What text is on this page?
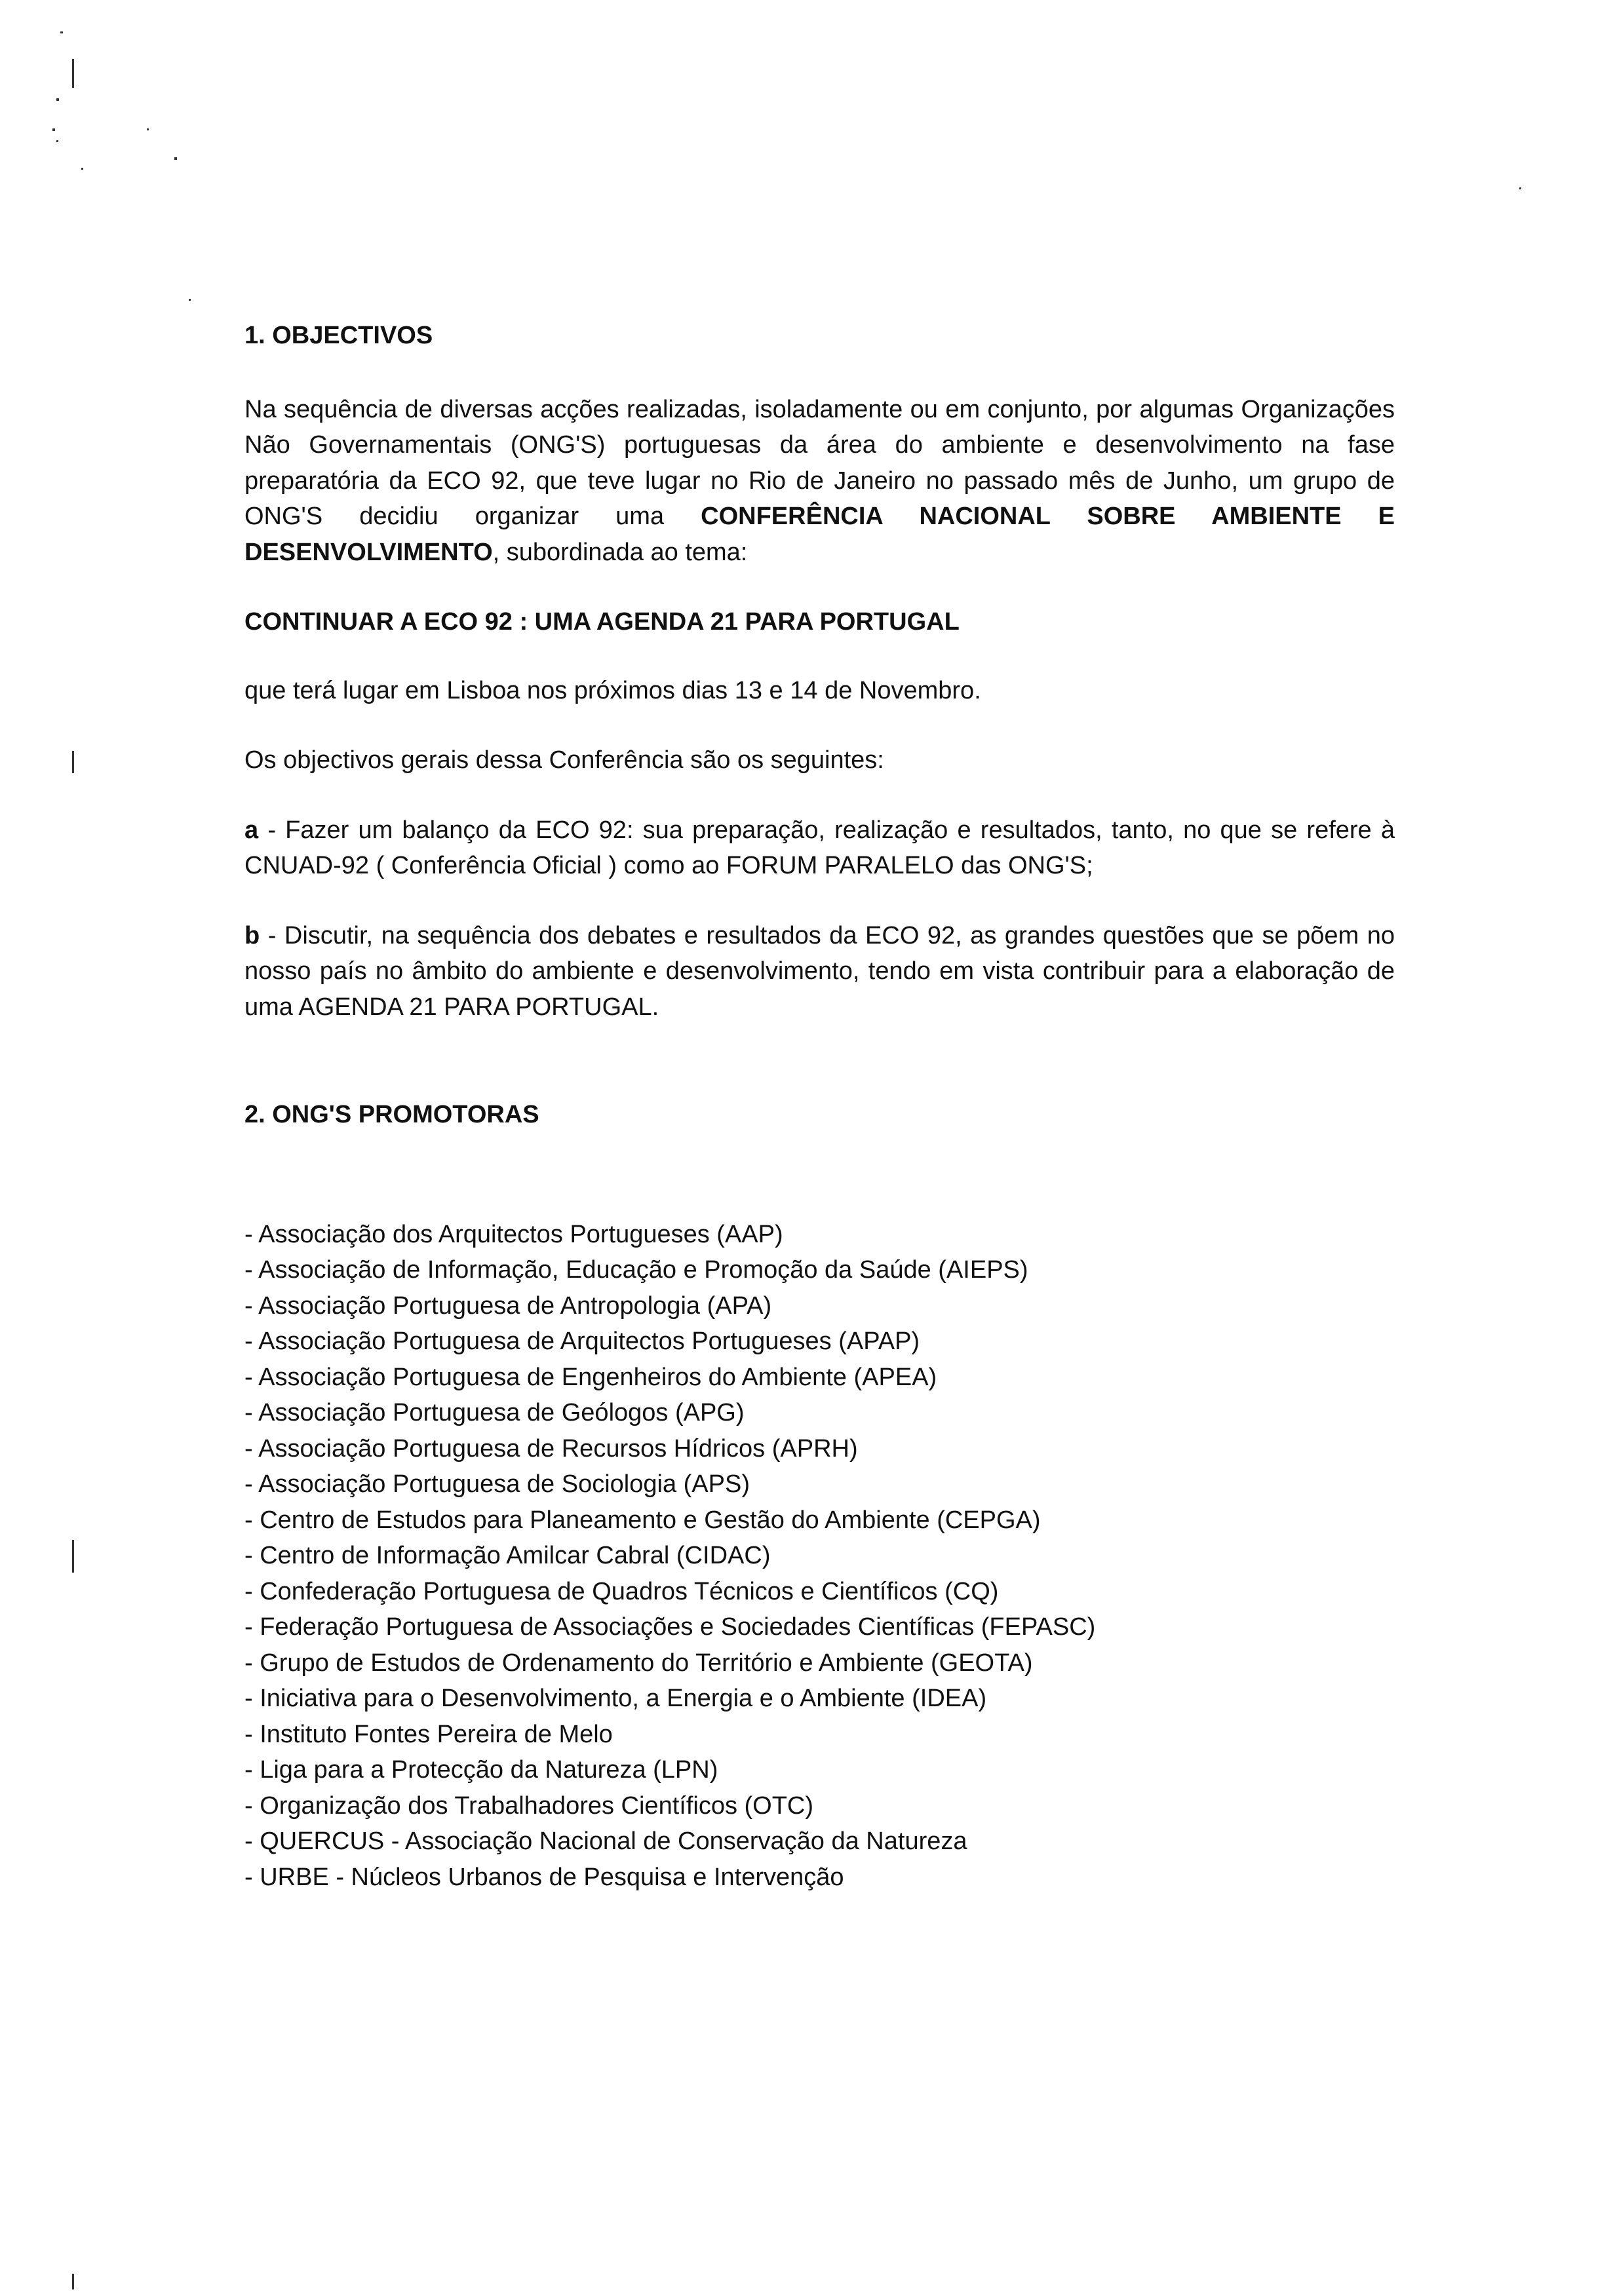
1. OBJECTIVOS

Na sequência de diversas acções realizadas, isoladamente ou em conjunto, por algumas Organizações Não Governamentais (ONG'S) portuguesas da área do ambiente e desenvolvimento na fase preparatória da ECO 92, que teve lugar no Rio de Janeiro no passado mês de Junho, um grupo de ONG'S decidiu organizar uma CONFERÊNCIA NACIONAL SOBRE AMBIENTE E DESENVOLVIMENTO, subordinada ao tema:

CONTINUAR A ECO 92 : UMA AGENDA 21 PARA PORTUGAL

que terá lugar em Lisboa nos próximos dias 13 e 14 de Novembro.

Os objectivos gerais dessa Conferência são os seguintes:

a - Fazer um balanço da ECO 92: sua preparação, realização e resultados, tanto, no que se refere à CNUAD-92 ( Conferência Oficial ) como ao FORUM PARALELO das ONG'S;

b - Discutir, na sequência dos debates e resultados da ECO 92, as grandes questões que se põem no nosso país no âmbito do ambiente e desenvolvimento, tendo em vista contribuir para a elaboração de uma AGENDA 21 PARA PORTUGAL.

2. ONG'S PROMOTORAS
- Associação dos Arquitectos Portugueses (AAP)
- Associação de Informação, Educação e Promoção da Saúde (AIEPS)
- Associação Portuguesa de Antropologia (APA)
- Associação Portuguesa de Arquitectos Portugueses (APAP)
- Associação Portuguesa de Engenheiros do Ambiente (APEA)
- Associação Portuguesa de Geólogos (APG)
- Associação Portuguesa de Recursos Hídricos (APRH)
- Associação Portuguesa de Sociologia (APS)
- Centro de Estudos para Planeamento e Gestão do Ambiente (CEPGA)
- Centro de Informação Amilcar Cabral (CIDAC)
- Confederação Portuguesa de Quadros Técnicos e Científicos (CQ)
- Federação Portuguesa de Associações e Sociedades Científicas (FEPASC)
- Grupo de Estudos de Ordenamento do Território e Ambiente (GEOTA)
- Iniciativa para o Desenvolvimento, a Energia e o Ambiente (IDEA)
- Instituto Fontes Pereira de Melo
- Liga para a Protecção da Natureza (LPN)
- Organização dos Trabalhadores Científicos (OTC)
- QUERCUS - Associação Nacional de Conservação da Natureza
- URBE - Núcleos Urbanos de Pesquisa e Intervenção
